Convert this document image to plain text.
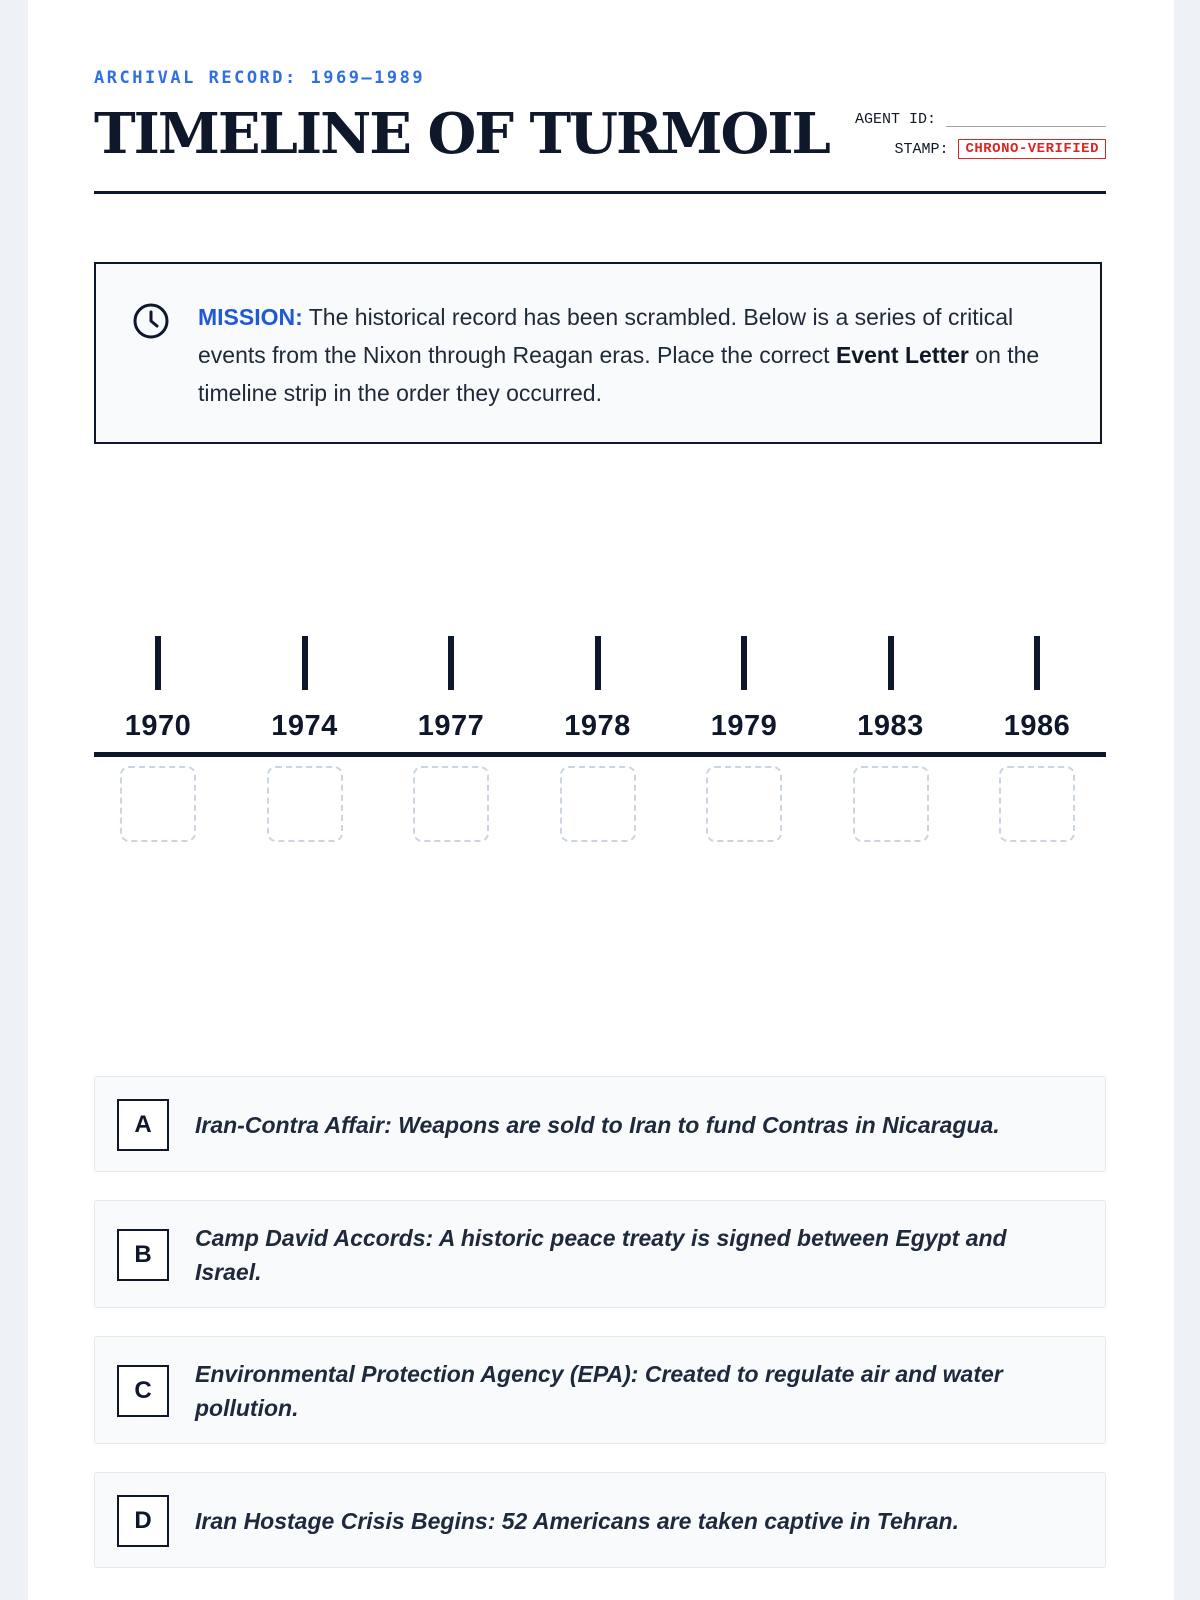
ARCHIVAL RECORD: 1969—1989
TIMELINE OF TURMOIL AGENT ID:
STAMP:	CHRONO-VERIFIED
MISSION: The historical record has been scrambled. Below is a series of critical events from the Nixon through Reagan eras. Place the correct Event Letter on the timeline strip in the order they occurred.
1970	1974	1977	1978	1979	1983	1986
A	Iran-Contra Affair: Weapons are sold to Iran to fund Contras in Nicaragua.
B
Camp David Accords: A historic peace treaty is signed between Egypt and Israel.
C
Environmental Protection Agency (EPA): Created to regulate air and water pollution.
D	Iran Hostage Crisis Begins: 52 Americans are taken captive in Tehran.
